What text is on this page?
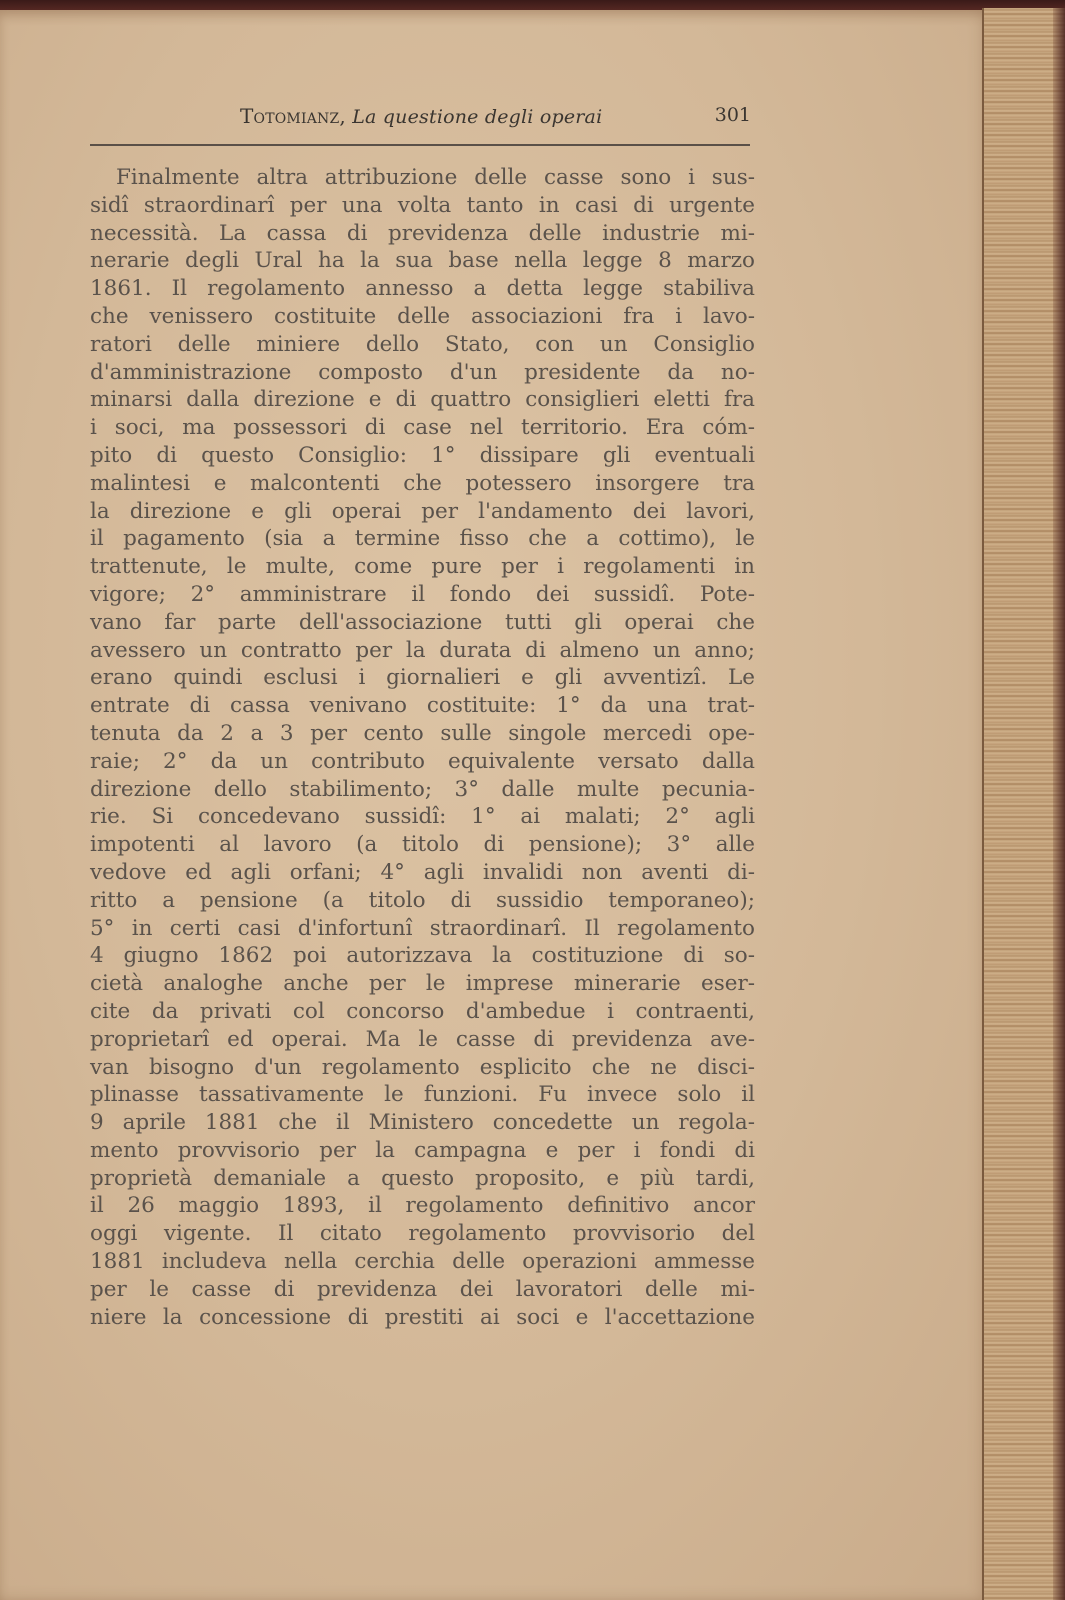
Totomianz, La questione degli operai	301
Finalmente altra attribuzione delle casse sono i sus-
sidî straordinarî per una volta tanto in casi di urgente
necessità. La cassa di previdenza delle industrie mi-
nerarie degli Ural ha la sua base nella legge 8 marzo
1861. Il regolamento annesso a detta legge stabiliva
che venissero costituite delle associazioni fra i lavo-
ratori delle miniere dello Stato, con un Consiglio
d'amministrazione composto d'un presidente da no-
minarsi dalla direzione e di quattro consiglieri eletti fra
i soci, ma possessori di case nel territorio. Era cóm-
pito di questo Consiglio: 1° dissipare gli eventuali
malintesi e malcontenti che potessero insorgere tra
la direzione e gli operai per l'andamento dei lavori,
il pagamento (sia a termine fisso che a cottimo), le
trattenute, le multe, come pure per i regolamenti in
vigore; 2° amministrare il fondo dei sussidî. Pote-
vano far parte dell'associazione tutti gli operai che
avessero un contratto per la durata di almeno un anno;
erano quindi esclusi i giornalieri e gli avventizî. Le
entrate di cassa venivano costituite: 1° da una trat-
tenuta da 2 a 3 per cento sulle singole mercedi ope-
raie; 2° da un contributo equivalente versato dalla
direzione dello stabilimento; 3° dalle multe pecunia-
rie. Si concedevano sussidî: 1° ai malati; 2° agli
impotenti al lavoro (a titolo di pensione); 3° alle
vedove ed agli orfani; 4° agli invalidi non aventi di-
ritto a pensione (a titolo di sussidio temporaneo);
5° in certi casi d'infortunî straordinarî. Il regolamento
4 giugno 1862 poi autorizzava la costituzione di so-
cietà analoghe anche per le imprese minerarie eser-
cite da privati col concorso d'ambedue i contraenti,
proprietarî ed operai. Ma le casse di previdenza ave-
van bisogno d'un regolamento esplicito che ne disci-
plinasse tassativamente le funzioni. Fu invece solo il
9 aprile 1881 che il Ministero concedette un regola-
mento provvisorio per la campagna e per i fondi di
proprietà demaniale a questo proposito, e più tardi,
il 26 maggio 1893, il regolamento definitivo ancor
oggi vigente. Il citato regolamento provvisorio del
1881 includeva nella cerchia delle operazioni ammesse
per le casse di previdenza dei lavoratori delle mi-
niere la concessione di prestiti ai soci e l'accettazione
